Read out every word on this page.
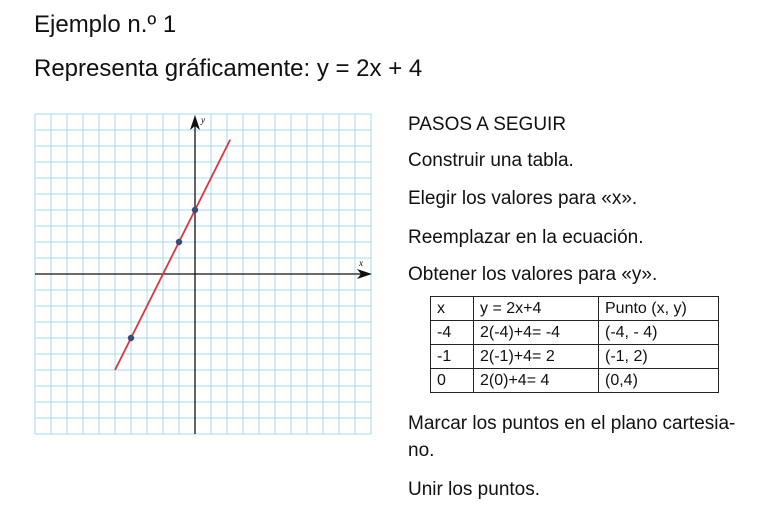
Ejemplo n.º 1
Representa gráficamente: y = 2x + 4
x
y	PASOS A SEGUIR
Construir una tabla.
Elegir los valores para «x».
Reemplazar en la ecuación.
Obtener los valores para «y».
Marcar los puntos en el plano cartesia-
no.
Unir los puntos.
x	y = 2x+4	Punto (x, y)
-4	2(-4)+4= -4	(-4, - 4)
-1	2(-1)+4= 2	(-1, 2)
0	2(0)+4= 4	(0,4)
